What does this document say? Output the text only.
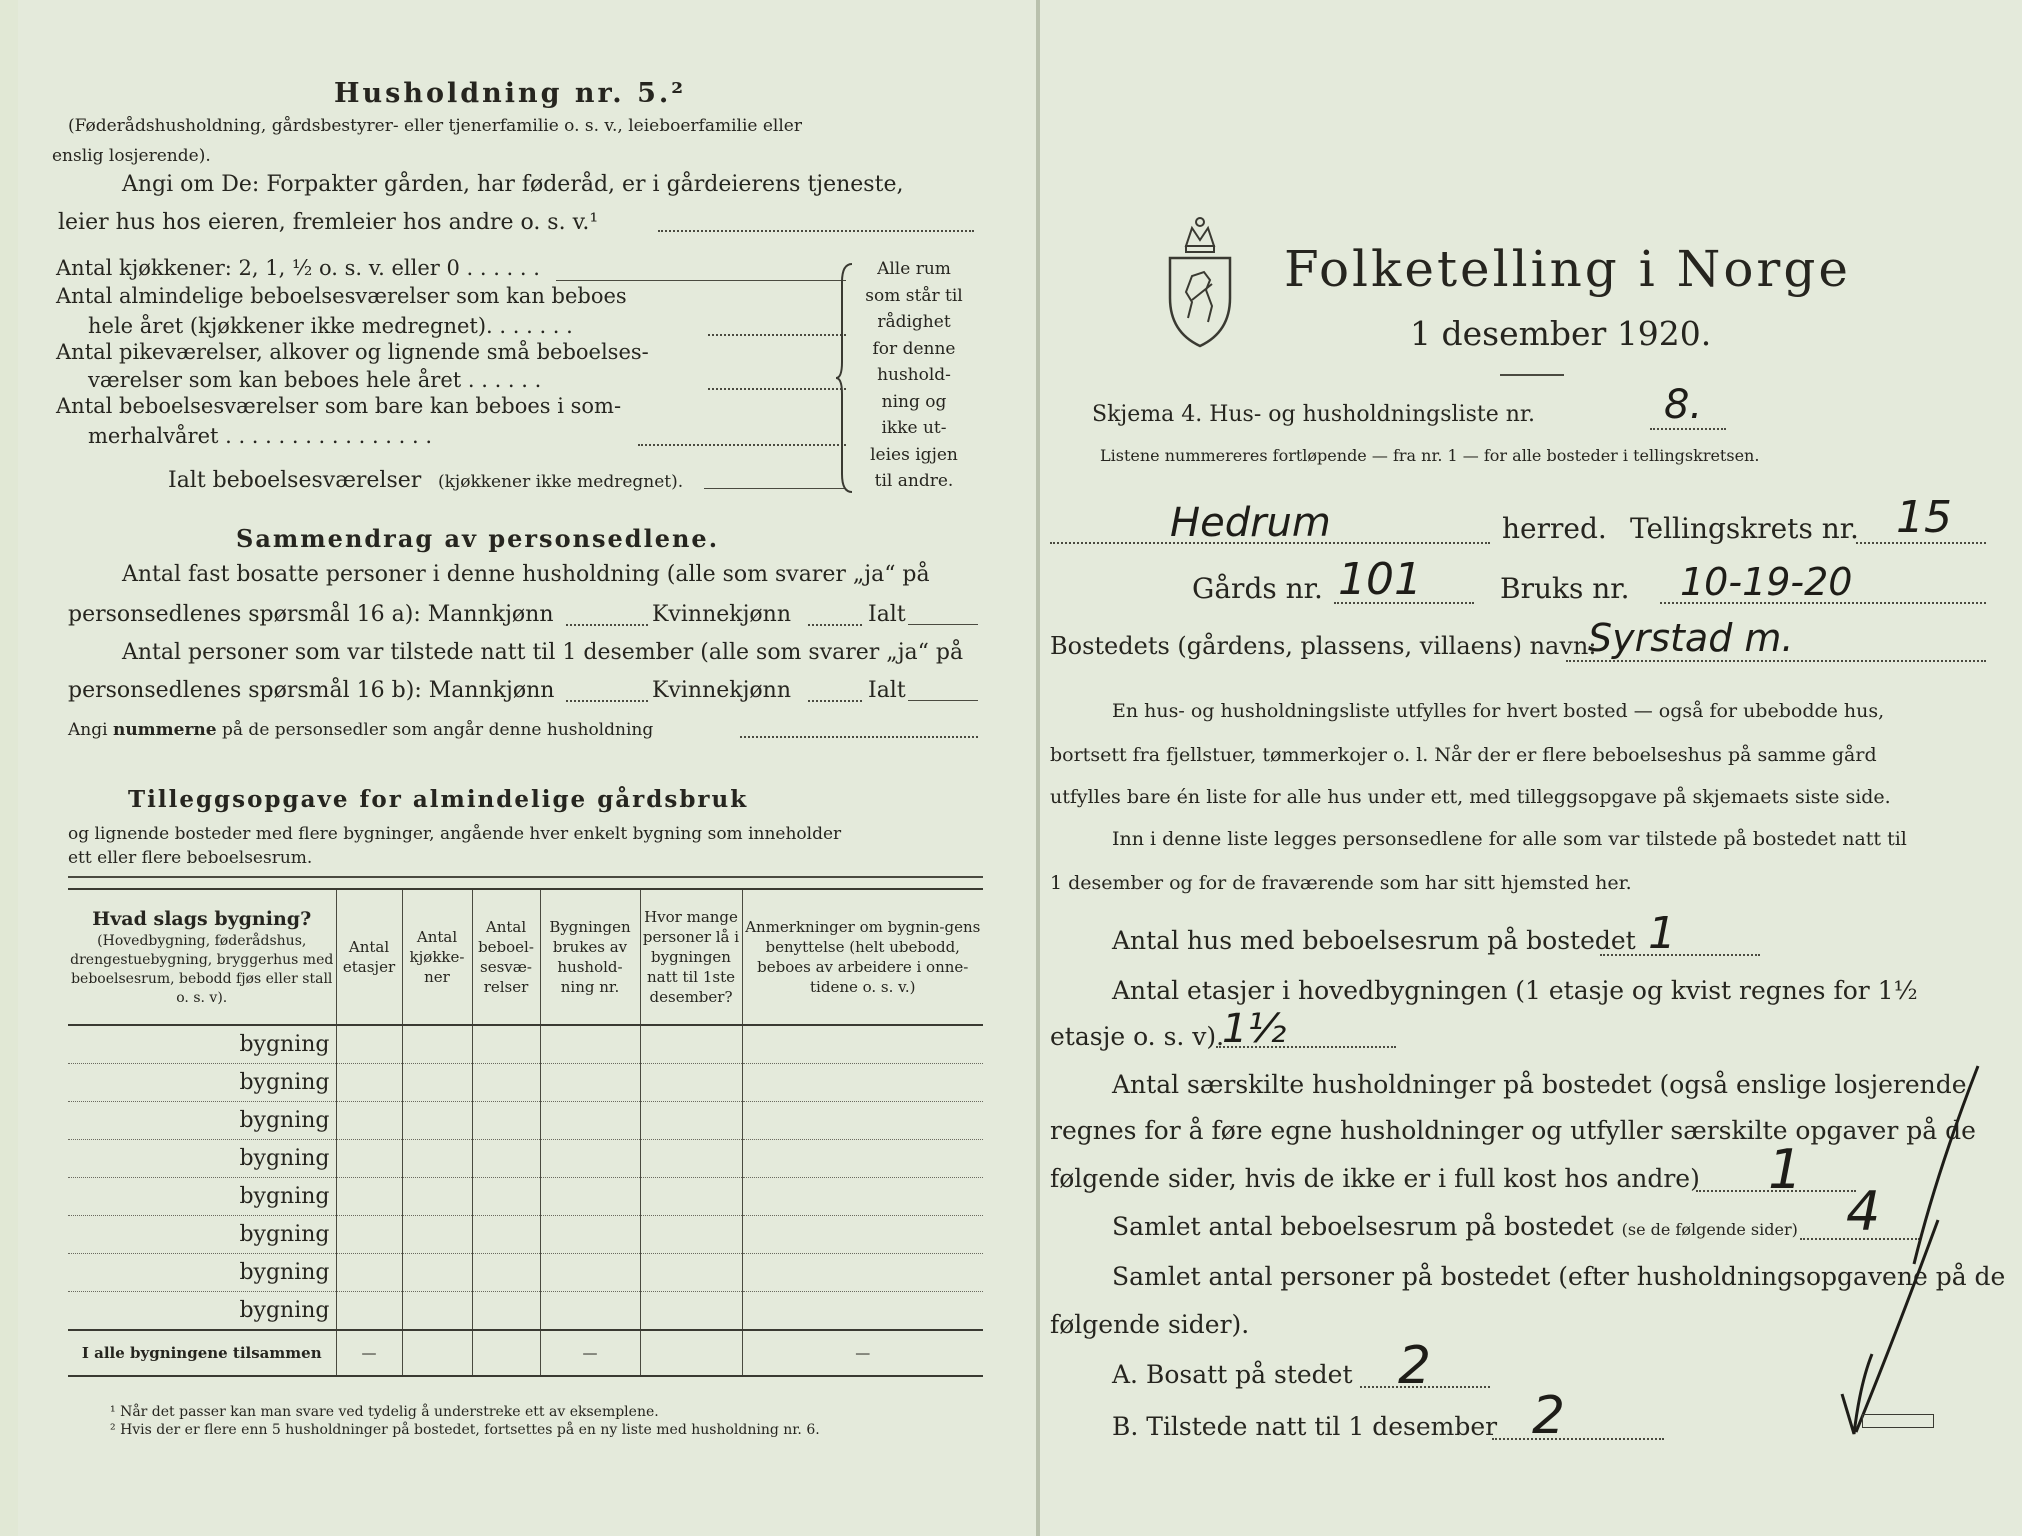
Husholdning nr. 5.²
(Føderådshusholdning, gårdsbestyrer- eller tjenerfamilie o. s. v., leieboerfamilie eller
enslig losjerende).
Angi om De: Forpakter gården, har føderåd, er i gårdeierens tjeneste,
leier hus hos eieren, fremleier hos andre o. s. v.¹
Antal kjøkkener: 2, 1, ½ o. s. v. eller 0 . . . . . .
Antal almindelige beboelsesværelser som kan beboes
hele året (kjøkkener ikke medregnet). . . . . . .
Antal pikeværelser, alkover og lignende små beboelses-
værelser som kan beboes hele året . . . . . .
Antal beboelsesværelser som bare kan beboes i som-
merhalvåret . . . . . . . . . . . . . . . .
Ialt beboelsesværelser (kjøkkener ikke medregnet).
Alle rum
som står til
rådighet
for denne
hushold-
ning og
ikke ut-
leies igjen
til andre.
Sammendrag av personsedlene.
Antal fast bosatte personer i denne husholdning (alle som svarer „ja“ på
personsedlenes spørsmål 16 a): Mannkjønn	Kvinnekjønn	Ialt
Antal personer som var tilstede natt til 1 desember (alle som svarer „ja“ på
personsedlenes spørsmål 16 b): Mannkjønn	Kvinnekjønn	Ialt
Angi nummerne på de personsedler som angår denne husholdning
Tilleggsopgave for almindelige gårdsbruk
og lignende bosteder med flere bygninger, angående hver enkelt bygning som inneholder
ett eller flere beboelsesrum.
Hvad slags bygning?
(Hovedbygning, føderådshus, drengestuebygning, bryggerhus med beboelsesrum, bebodd fjøs eller stall o. s. v).	Antal etasjer	Antal kjøkke-ner	Antal beboel-sesvæ-relser	Bygningen brukes av hushold-ning nr.	Hvor mange personer lå i bygningen natt til 1ste desember?	Anmerkninger om bygnin-gens benyttelse (helt ubebodd, beboes av arbeidere i onne-tidene o. s. v.)
bygning						
bygning						
bygning						
bygning						
bygning						
bygning						
bygning						
bygning						
I alle bygningene tilsammen	—			—		—
¹ Når det passer kan man svare ved tydelig å understreke ett av eksemplene.
² Hvis der er flere enn 5 husholdninger på bostedet, fortsettes på en ny liste med husholdning nr. 6.
Folketelling i Norge
1 desember 1920.
Skjema 4. Hus- og husholdningsliste nr.	8.
Listene nummereres fortløpende — fra nr. 1 — for alle bosteder i tellingskretsen.
Hedrum	herred. Tellingskrets nr. 15
Gårds nr. 101	Bruks nr. 10-19-20
Bostedets (gårdens, plassens, villaens) navn:
Syrstad m.
En hus- og husholdningsliste utfylles for hvert bosted — også for ubebodde hus,
bortsett fra fjellstuer, tømmerkojer o. l. Når der er flere beboelseshus på samme gård
utfylles bare én liste for alle hus under ett, med tilleggsopgave på skjemaets siste side.
Inn i denne liste legges personsedlene for alle som var tilstede på bostedet natt til
1 desember og for de fraværende som har sitt hjemsted her.
Antal hus med beboelsesrum på bostedet 1
Antal etasjer i hovedbygningen (1 etasje og kvist regnes for 1½
etasje o. s. v).
1½
Antal særskilte husholdninger på bostedet (også enslige losjerende
regnes for å føre egne husholdninger og utfyller særskilte opgaver på de
følgende sider, hvis de ikke er i full kost hos andre) 1
Samlet antal beboelsesrum på bostedet (se de følgende sider) 4
Samlet antal personer på bostedet (efter husholdningsopgavene på de
følgende sider).
A. Bosatt på stedet 2
B. Tilstede natt til 1 desember 2
